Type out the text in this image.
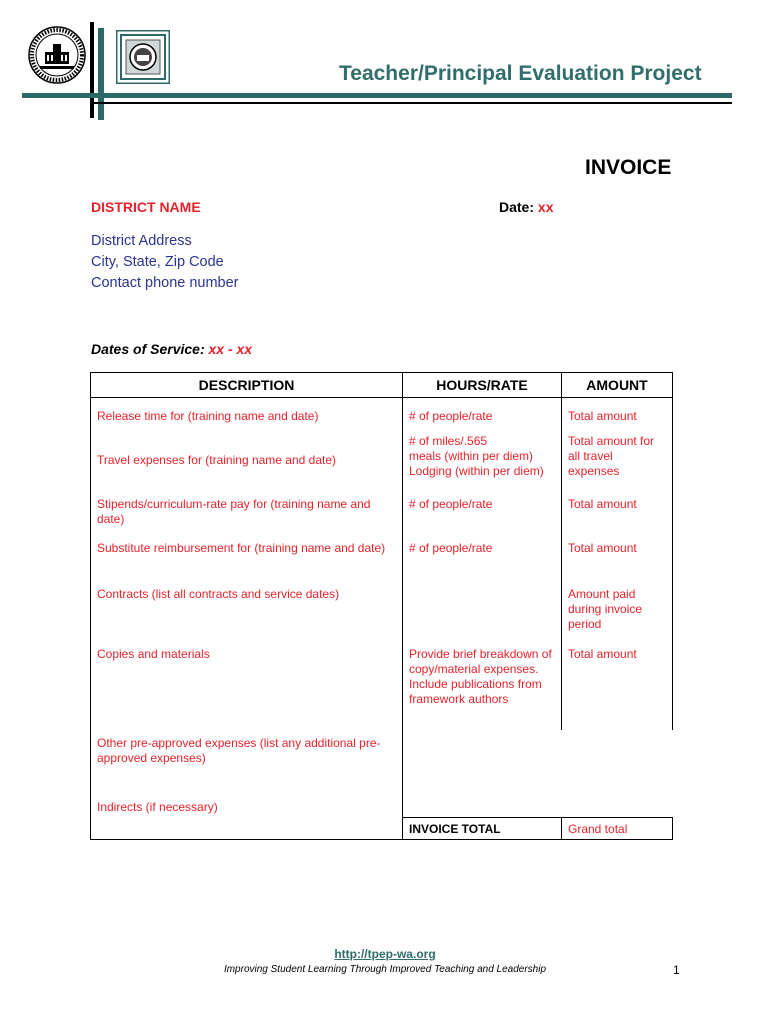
Teacher/Principal Evaluation Project
INVOICE
DISTRICT NAME	Date: xx
District Address
City, State, Zip Code
Contact phone number
Dates of Service: xx - xx
DESCRIPTION	HOURS/RATE	AMOUNT

Release time for (training name and date)	# of people/rate	Total amount

Travel expenses for (training name and date)	# of miles/.565
meals (within per diem)
Lodging (within per diem)	Total amount for all travel expenses

Stipends/curriculum-rate pay for (training name and date)	# of people/rate	Total amount

Substitute reimbursement for (training name and date)	# of people/rate	Total amount

Contracts (list all contracts and service dates)		Amount paid during invoice period

Copies and materials	Provide brief breakdown of copy/material expenses. Include publications from framework authors	Total amount

Other pre-approved expenses (list any additional pre-approved expenses)		

Indirects (if necessary)		

	INVOICE TOTAL	Grand total
http://tpep-wa.org
Improving Student Learning Through Improved Teaching and Leadership	1
